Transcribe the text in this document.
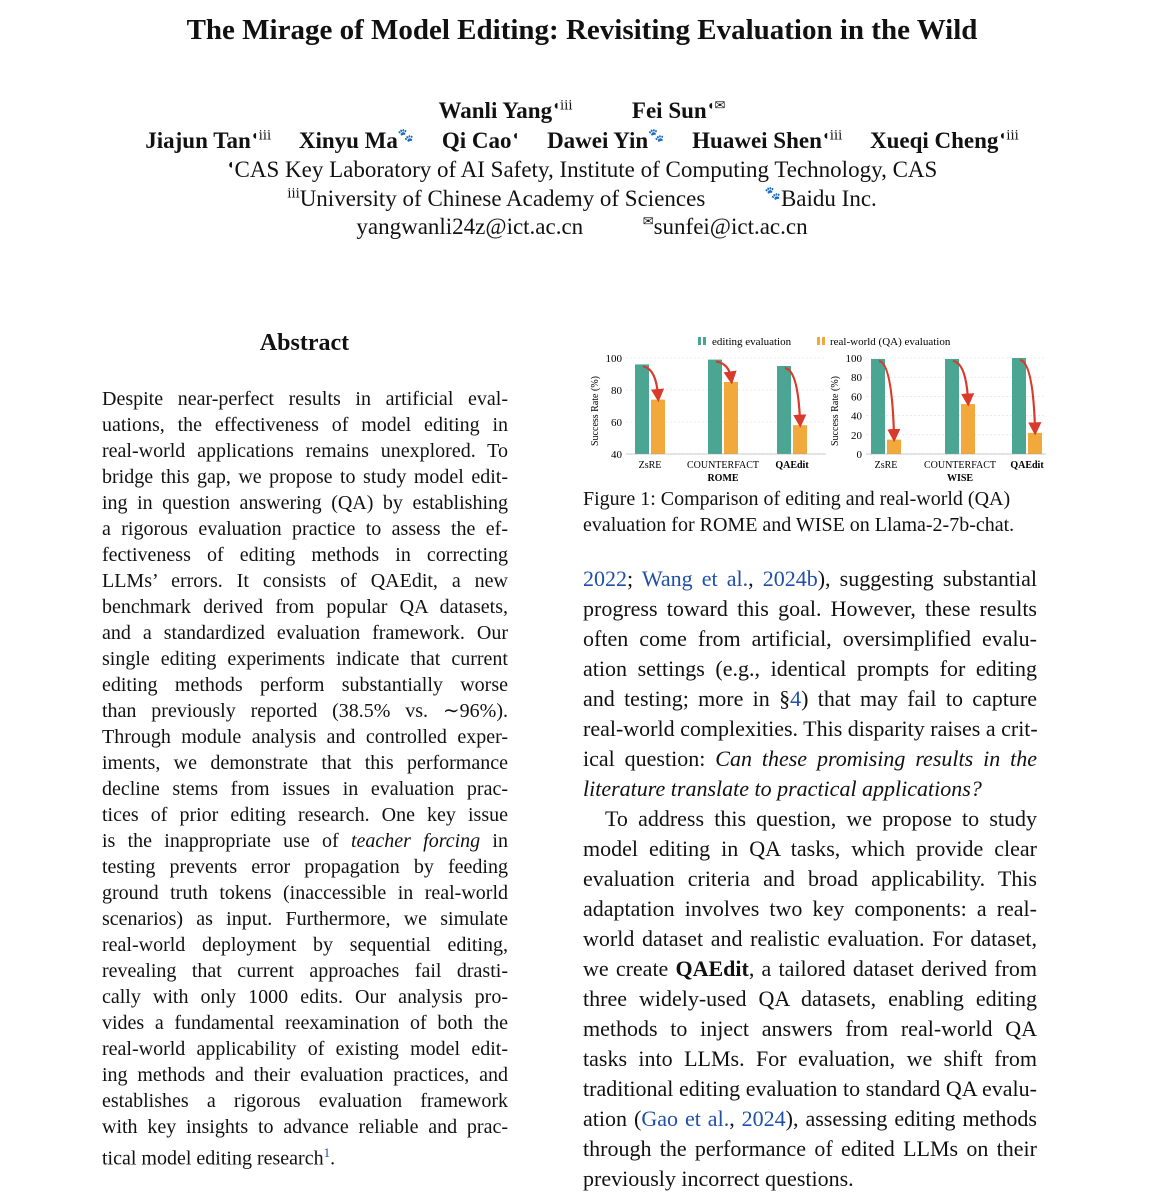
The Mirage of Model Editing: Revisiting Evaluation in the Wild
Wanli Yang$^{◖ⅲ}$	Fei Sun◖✉
Jiajun Tan$^{◖ⅲ}$ Xinyu Ma🐾 Qi Cao◖ Dawei Yin🐾 Huawei Shen$^{◖ⅲ}$ Xueqi Cheng$^{◖ⅲ}$
◖CAS Key Laboratory of AI Safety, Institute of Computing Technology, CAS
$^ⅲ$University of Chinese Academy of Sciences	🐾Baidu Inc.
yangwanli24z@ict.ac.cn	✉sunfei@ict.ac.cn
Abstract
Despite near-perfect results in artificial eval-
uations, the effectiveness of model editing in
real-world applications remains unexplored. To
bridge this gap, we propose to study model edit-
ing in question answering (QA) by establishing
a rigorous evaluation practice to assess the ef-
fectiveness of editing methods in correcting
LLMs’ errors. It consists of QAEdit, a new
benchmark derived from popular QA datasets,
and a standardized evaluation framework. Our
single editing experiments indicate that current
editing methods perform substantially worse
than previously reported (38.5% vs. ∼96%).
Through module analysis and controlled exper-
iments, we demonstrate that this performance
decline stems from issues in evaluation prac-
tices of prior editing research. One key issue
is the inappropriate use of teacher forcing in
testing prevents error propagation by feeding
ground truth tokens (inaccessible in real-world
scenarios) as input. Furthermore, we simulate
real-world deployment by sequential editing,
revealing that current approaches fail drasti-
cally with only 1000 edits. Our analysis pro-
vides a fundamental reexamination of both the
real-world applicability of existing model edit-
ing methods and their evaluation practices, and
establishes a rigorous evaluation framework
with key insights to advance reliable and prac-
tical model editing research$^1$.
editing evaluation	real-world (QA) evaluation
Success Rate (%)
40
60
80
100
ZsRE	COUNTERFACT QAEdit
ROME
Success Rate (%)
0
20
40
60
80
100
ZsRE	COUNTERFACT QAEdit
WISE
Figure 1: Comparison of editing and real-world (QA)
evaluation for ROME and WISE on Llama-2-7b-chat.
2022; Wang et al., 2024b), suggesting substantial
progress toward this goal. However, these results
often come from artificial, oversimplified evalu-
ation settings (e.g., identical prompts for editing
and testing; more in §4) that may fail to capture
real-world complexities. This disparity raises a crit-
ical question: Can these promising results in the
literature translate to practical applications?
To address this question, we propose to study
model editing in QA tasks, which provide clear
evaluation criteria and broad applicability. This
adaptation involves two key components: a real-
world dataset and realistic evaluation. For dataset,
we create QAEdit, a tailored dataset derived from
three widely-used QA datasets, enabling editing
methods to inject answers from real-world QA
tasks into LLMs. For evaluation, we shift from
traditional editing evaluation to standard QA evalu-
ation (Gao et al., 2024), assessing editing methods
through the performance of edited LLMs on their
previously incorrect questions.
